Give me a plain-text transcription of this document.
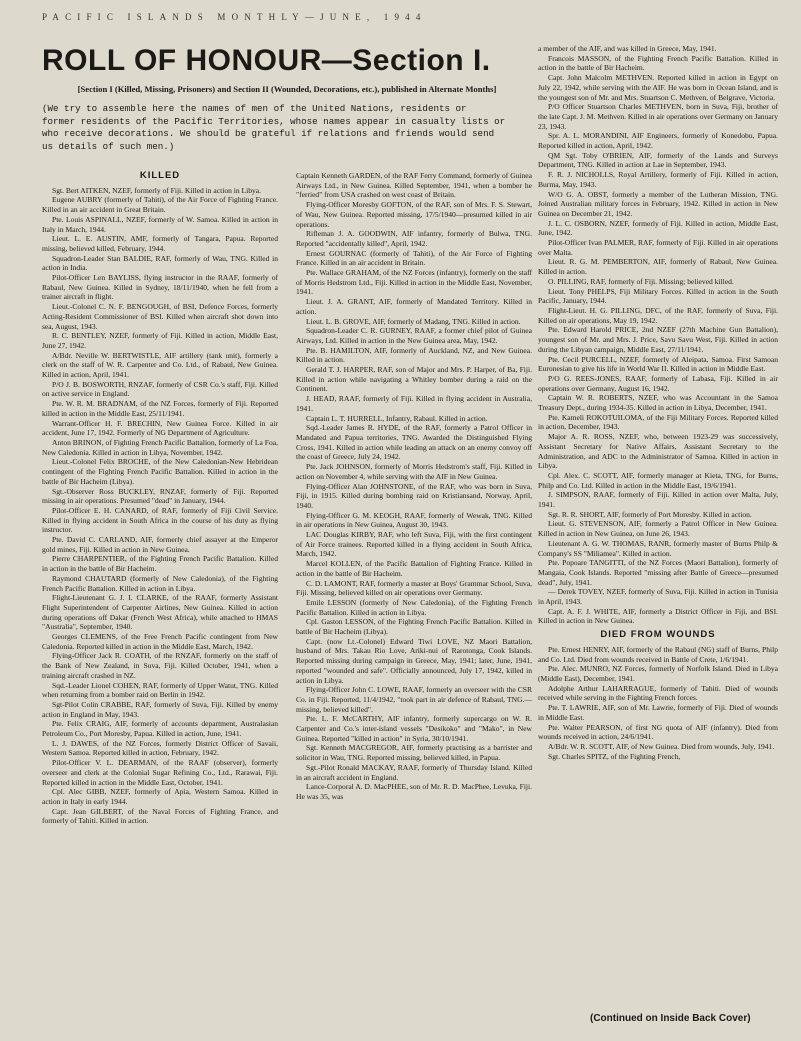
PACIFIC ISLANDS MONTHLY—JUNE, 1944
ROLL OF HONOUR—Section I.
[Section I (Killed, Missing, Prisoners) and Section II (Wounded, Decorations, etc.), published in Alternate Months]
(We try to assemble here the names of men of the United Nations, residents or
former residents of the Pacific Territories, whose names appear in casualty lists or
who receive decorations. We should be grateful if relations and friends would send
us details of such men.)
KILLED

Sgt. Bert AITKEN, NZEF, formerly of Fiji. Killed in action in Libya.

Eugene AUBRY (formerly of Tahiti), of the Air Force of Fighting France. Killed in an air accident in Great Britain.

Pte. Louis ASPINALL, NZEF, formerly of W. Samoa. Killed in action in Italy in March, 1944.

Lieut. L. E. AUSTIN, AMF, formerly of Tangara, Papua. Reported missing, believed killed, February, 1944.

Squadron-Leader Stan BALDIE, RAF, formerly of Wau, TNG. Killed in action in India.

Pilot-Officer Len BAYLISS, flying instructor in the RAAF, formerly of Rabaul, New Guinea. Killed in Sydney, 18/11/1940, when he fell from a trainer aircraft in flight.

Lieut.-Colonel C. N. F. BENGOUGH, of BSI, Defence Forces, formerly Acting-Resident Commissioner of BSI. Killed when aircraft shot down into sea, August, 1943.

R. C. BENTLEY, NZEF, formerly of Fiji. Killed in action, Middle East, June 27, 1942.

A/Bdr. Neville W. BERTWISTLE, AIF artillery (tank unit), formerly a clerk on the staff of W. R. Carpenter and Co. Ltd., of Rabaul, New Guinea. Killed in action, April, 1941.

P/O J. B. BOSWORTH, RNZAF, formerly of CSR Co.'s staff, Fiji. Killed on active service in England.

Pte. W. R. M. BRADNAM, of the NZ Forces, formerly of Fiji. Reported killed in action in the Middle East, 25/11/1941.

Warrant-Officer H. F. BRECHIN, New Guinea Force. Killed in air accident, June 17, 1942. Formerly of NG Department of Agriculture.

Anton BRINON, of Fighting French Pacific Battalion, formerly of La Foa, New Caledonia. Killed in action in Libya, November, 1942.

Lieut.-Colonel Felix BROCHE, of the New Caledonian-New Hebridean contingent of the Fighting French Pacific Battalion. Killed in action in the battle of Bir Hacheim (Libya).

Sgt.-Observer Ross BUCKLEY, RNZAF, formerly of Fiji. Reported missing in air operations. Presumed "dead" in January, 1944.

Pilot-Officer E. H. CANARD, of RAF, formerly of Fiji Civil Service. Killed in flying accident in South Africa in the course of his duty as flying instructor.

Pte. David C. CARLAND, AIF, formerly chief assayer at the Emperor gold mines, Fiji. Killed in action in New Guinea.

Pierre CHARPENTIER, of the Fighting French Pacific Battalion. Killed in action in the battle of Bir Hacheim.

Raymond CHAUTARD (formerly of New Caledonia), of the Fighting French Pacific Battalion. Killed in action in Libya.

Flight-Lieutenant G. J. I. CLARKE, of the RAAF, formerly Assistant Flight Superintendent of Carpenter Airlines, New Guinea. Killed in action during operations off Dakar (French West Africa), while attached to HMAS "Australia", September, 1940.

Georges CLEMENS, of the Free French Pacific contingent from New Caledonia. Reported killed in action in the Middle East, March, 1942.

Flying-Officer Jack R. COATH, of the RNZAF, formerly on the staff of the Bank of New Zealand, in Suva, Fiji. Killed October, 1941, when a training aircraft crashed in NZ.

Sqd.-Leader Lionel COHEN, RAF, formerly of Upper Watut, TNG. Killed when returning from a bomber raid on Berlin in 1942.

Sgt-Pilot Colin CRABBE, RAF, formerly of Suva, Fiji. Killed by enemy action in England in May, 1943.

Pte. Felix CRAIG, AIF, formerly of accounts department, Australasian Petroleum Co., Port Moresby, Papua. Killed in action, June, 1941.

L. J. DAWES, of the NZ Forces, formerly District Officer of Savaii, Western Samoa. Reported killed in action, February, 1942.

Pilot-Officer V. L. DEARMAN, of the RAAF (observer), formerly overseer and clerk at the Colonial Sugar Refining Co., Ltd., Rarawai, Fiji. Reported killed in action in the Middle East, October, 1941.

Cpl. Alec GIBB, NZEF, formerly of Apia, Western Samoa. Killed in action in Italy in early 1944.

Capt. Jean GILBERT, of the Naval Forces of Fighting France, and formerly of Tahiti. Killed in action.

Captain Kenneth GARDEN, of the RAF Ferry Command, formerly of Guinea Airways Ltd., in New Guinea. Killed September, 1941, when a bomber he "ferried" from USA crashed on west coast of Britain.

Flying-Officer Moresby GOFTON, of the RAF, son of Mrs. F. S. Stewart, of Wau, New Guinea. Reported missing, 17/5/1940—presumed killed in air operations.

Rifleman J. A. GOODWIN, AIF infantry, formerly of Bulwa, TNG. Reported "accidentally killed", April, 1942.

Ernest GOURNAC (formerly of Tahiti), of the Air Force of Fighting France. Killed in an air accident in Britain.

Pte. Wallace GRAHAM, of the NZ Forces (infantry), formerly on the staff of Morris Hedstrom Ltd., Fiji. Killed in action in the Middle East, November, 1941.

Lieut. J. A. GRANT, AIF, formerly of Mandated Territory. Killed in action.

Lieut. L. B. GROVE, AIF, formerly of Madang, TNG. Killed in action.

Squadron-Leader C. R. GURNEY, RAAF, a former chief pilot of Guinea Airways, Ltd. Killed in action in the New Guinea area, May, 1942.

Pte. B. HAMILTON, AIF, formerly of Auckland, NZ, and New Guinea. Killed in action.

Gerald T. J. HARPER, RAF, son of Major and Mrs. P. Harper, of Ba, Fiji. Killed in action while navigating a Whitley bomber during a raid on the Continent.

J. HEAD, RAAF, formerly of Fiji. Killed in flying accident in Australia, 1941.

Captain L. T. HURRELL, Infantry, Rabaul. Killed in action.

Sqd.-Leader James R. HYDE, of the RAF, formerly a Patrol Officer in Mandated and Papua territories, TNG. Awarded the Distinguished Flying Cross, 1941. Killed in action while leading an attack on an enemy convoy off the coast of Greece, July 24, 1942.

Pte. Jack JOHNSON, formerly of Morris Hedstrom's staff, Fiji. Killed in action on November 4, while serving with the AIF in New Guinea.

Flying-Officer Alan JOHNSTONE, of the RAF, who was born in Suva, Fiji, in 1915. Killed during bombing raid on Kristiansand, Norway, April, 1940.

Flying-Officer G. M. KEOGH, RAAF, formerly of Wewak, TNG. Killed in air operations in New Guinea, August 30, 1943.

LAC Douglas KIRBY, RAF, who left Suva, Fiji, with the first contingent of Air Force trainees. Reported killed in a flying accident in South Africa, March, 1942.

Marcel KOLLEN, of the Pacific Battalion of Fighting France. Killed in action in the battle of Bir Hacheim.

C. D. LAMONT, RAF, formerly a master at Boys' Grammar School, Suva, Fiji. Missing, believed killed on air operations over Germany.

Emile LESSON (formerly of New Caledonia), of the Fighting French Pacific Battalion. Killed in action in Libya.

Cpl. Gaston LESSON, of the Fighting French Pacific Battalion. Killed in battle of Bir Hacheim (Libya).

Capt. (now Lt.-Colonel) Edward Tiwi LOVE, NZ Maori Battalion, husband of Mrs. Takau Rio Love, Ariki-nui of Rarotonga, Cook Islands. Reported missing during campaign in Greece, May, 1941; later, June, 1941, reported "wounded and safe". Officially announced, July 17, 1942, killed in action in Libya.

Flying-Officer John C. LOWE, RAAF, formerly an overseer with the CSR Co. in Fiji. Reported, 11/4/1942, "took part in air defence of Rabaul, TNG.—missing, believed killed".

Pte. L. F. McCARTHY, AIF infantry, formerly supercargo on W. R. Carpenter and Co.'s inter-island vessels "Desikoko" and "Mako", in New Guinea. Reported "killed in action" in Syria, 30/10/1941.

Sgt. Kenneth MACGREGOR, AIF, formerly practising as a barrister and solicitor in Wau, TNG. Reported missing, believed killed, in Papua.

Sgt.-Pilot Ronald MACKAY, RAAF, formerly of Thursday Island. Killed in an aircraft accident in England.

Lance-Corporal A. D. MacPHEE, son of Mr. R. D. MacPhee, Levuka, Fiji. He was 35, was

a member of the AIF, and was killed in Greece, May, 1941.

Francois MASSON, of the Fighting French Pacific Battalion. Killed in action in the battle of Bir Hacheim.

Capt. John Malcolm METHVEN. Reported killed in action in Egypt on July 22, 1942, while serving with the AIF. He was born in Ocean Island, and is the youngest son of Mr. and Mrs. Stuartson C. Methven, of Belgrave, Victoria.

P/O Officer Stuartson Charles METHVEN, born in Suva, Fiji, brother of the late Capt. J. M. Methven. Killed in air operations over Germany on January 23, 1943.

Spr. A. L. MORANDINI, AIF Engineers, formerly of Konedobu, Papua. Reported killed in action, April, 1942.

QM Sgt. Toby O'BRIEN, AIF, formerly of the Lands and Surveys Department, TNG. Killed in action at Lae in September, 1943.

F. R. J. NICHOLLS, Royal Artillery, formerly of Fiji. Killed in action, Burma, May, 1943.

W/O G. A. OBST, formerly a member of the Lutheran Mission, TNG. Joined Australian military forces in February, 1942. Killed in action in New Guinea on December 21, 1942.

J. L. C. OSBORN, NZEF, formerly of Fiji. Killed in action, Middle East, June, 1942.

Pilot-Officer Ivan PALMER, RAF, formerly of Fiji. Killed in air operations over Malta.

Lieut. R. G. M. PEMBERTON, AIF, formerly of Rabaul, New Guinea. Killed in action.

O. PILLING, RAF, formerly of Fiji. Missing; believed killed.

Lieut. Tony PHELPS, Fiji Military Forces. Killed in action in the South Pacific, January, 1944.

Flight-Lieut. H. G. PILLING, DFC, of the RAF, formerly of Suva, Fiji. Killed on air operations, May 19, 1942.

Pte. Edward Harold PRICE, 2nd NZEF (27th Machine Gun Battalion), youngest son of Mr. and Mrs. J. Price, Savu Savu West, Fiji. Killed in action during the Libyan campaign, Middle East, 27/11/1941.

Pte. Cecil PURCELL, NZEF, formerly of Aleipata, Samoa. First Samoan Euronesian to give his life in World War II. Killed in action in Middle East.

P/O G. REES-JONES, RAAF, formerly of Labasa, Fiji. Killed in air operations over Germany, August 16, 1942.

Captain W. R. ROBERTS, NZEF, who was Accountant in the Samoa Treasury Dept., during 1934-35. Killed in action in Libya, December, 1941.

Pte. Kameli ROKOTUILOMA, of the Fiji Military Forces. Reported killed in action, December, 1943.

Major A. R. ROSS, NZEF, who, between 1923-29 was successively, Assistant Secretary for Native Affairs, Assistant Secretary to the Administration, and ADC to the Administrator of Samoa. Killed in action in Libya.

Cpl. Alex. C. SCOTT, AIF, formerly manager at Kieta, TNG, for Burns, Philp and Co. Ltd. Killed in action in the Middle East, 19/6/1941.

J. SIMPSON, RAAF, formerly of Fiji. Killed in action over Malta, July, 1941.

Sgt. R. R. SHORT, AIF, formerly of Port Moresby. Killed in action.

Lieut. G. STEVENSON, AIF, formerly a Patrol Officer in New Guinea. Killed in action in New Guinea, on June 26, 1943.

Lieutenant A. G. W. THOMAS, RANR, formerly master of Burns Philp & Company's SS "Miliamea". Killed in action.

Pte. Popoare TANGITTI, of the NZ Forces (Maori Battalion), formerly of Mangaia, Cook Islands. Reported "missing after Battle of Greece—presumed dead", July, 1941.

— Derek TOVEY, NZEF, formerly of Suva, Fiji. Killed in action in Tunisia in April, 1943.

Capt. A. F. J. WHITE, AIF, formerly a District Officer in Fiji, and BSI. Killed in action in New Guinea.

DIED FROM WOUNDS

Pte. Ernest HENRY, AIF, formerly of the Rabaul (NG) staff of Burns, Philp and Co. Ltd. Died from wounds received in Battle of Crete, 1/6/1941.

Pte. Alec. MUNRO, NZ Forces, formerly of Norfolk Island. Died in Libya (Middle East), December, 1941.

Adolphe Arthur LAHARRAGUE, formerly of Tahiti. Died of wounds received while serving in the Fighting French forces.

Pte. T. LAWRIE, AIF, son of Mr. Lawrie, formerly of Fiji. Died of wounds in Middle East.

Pte. Walter PEARSON, of first NG quota of AIF (infantry). Died from wounds received in action, 24/6/1941.

A/Bdr. W. R. SCOTT, AIF, of New Guinea. Died from wounds, July, 1941.

Sgt. Charles SPITZ, of the Fighting French,

(Continued on Inside Back Cover)
